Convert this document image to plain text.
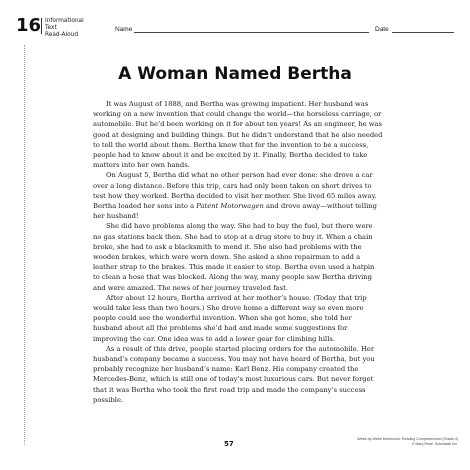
16 Informational Text
Read-Aloud
Name	Date
A Woman Named Bertha

It was August of 1888, and Bertha was growing impatient. Her husband was working on a new invention that could change the world—the horseless carriage, or automobile. But he’d been working on it for about ten years! As an engineer, he was good at designing and building things. But he didn’t understand that he also needed to tell the world about them. Bertha knew that for the invention to be a success, people had to know about it and be excited by it. Finally, Bertha decided to take matters into her own hands.

On August 5, Bertha did what no other person had ever done: she drove a car over a long distance. Before this trip, cars had only been taken on short drives to test how they worked. Bertha decided to visit her mother. She lived 65 miles away. Bertha loaded her sons into a Patent Motorwagen and drove away—without telling her husband!

She did have problems along the way. She had to buy the fuel, but there were no gas stations back then. She had to stop at a drug store to buy it. When a chain broke, she had to ask a blacksmith to mend it. She also had problems with the wooden brakes, which were worn down. She asked a shoe repairman to add a leather strap to the brakes. This made it easier to stop. Bertha even used a hatpin to clean a hose that was blocked. Along the way, many people saw Bertha driving and were amazed. The news of her journey traveled fast.

After about 12 hours, Bertha arrived at her mother’s house. (Today that trip would take less than two hours.) She drove home a different way so even more people could see the wonderful invention. When she got home, she told her husband about all the problems she’d had and made some suggestions for improving the car. One idea was to add a lower gear for climbing hills.

As a result of this drive, people started placing orders for the automobile. Her husband’s company became a success. You may not have heard of Bertha, but you probably recognize her husband’s name: Karl Benz. His company created the Mercedes-Benz, which is still one of today’s most luxurious cars. But never forget that it was Bertha who took the first road trip and made the company’s success possible.

57
Week-by-Week Homework: Reading Comprehension (Grade 4)
© Mary Rose, Scholastic Inc.
